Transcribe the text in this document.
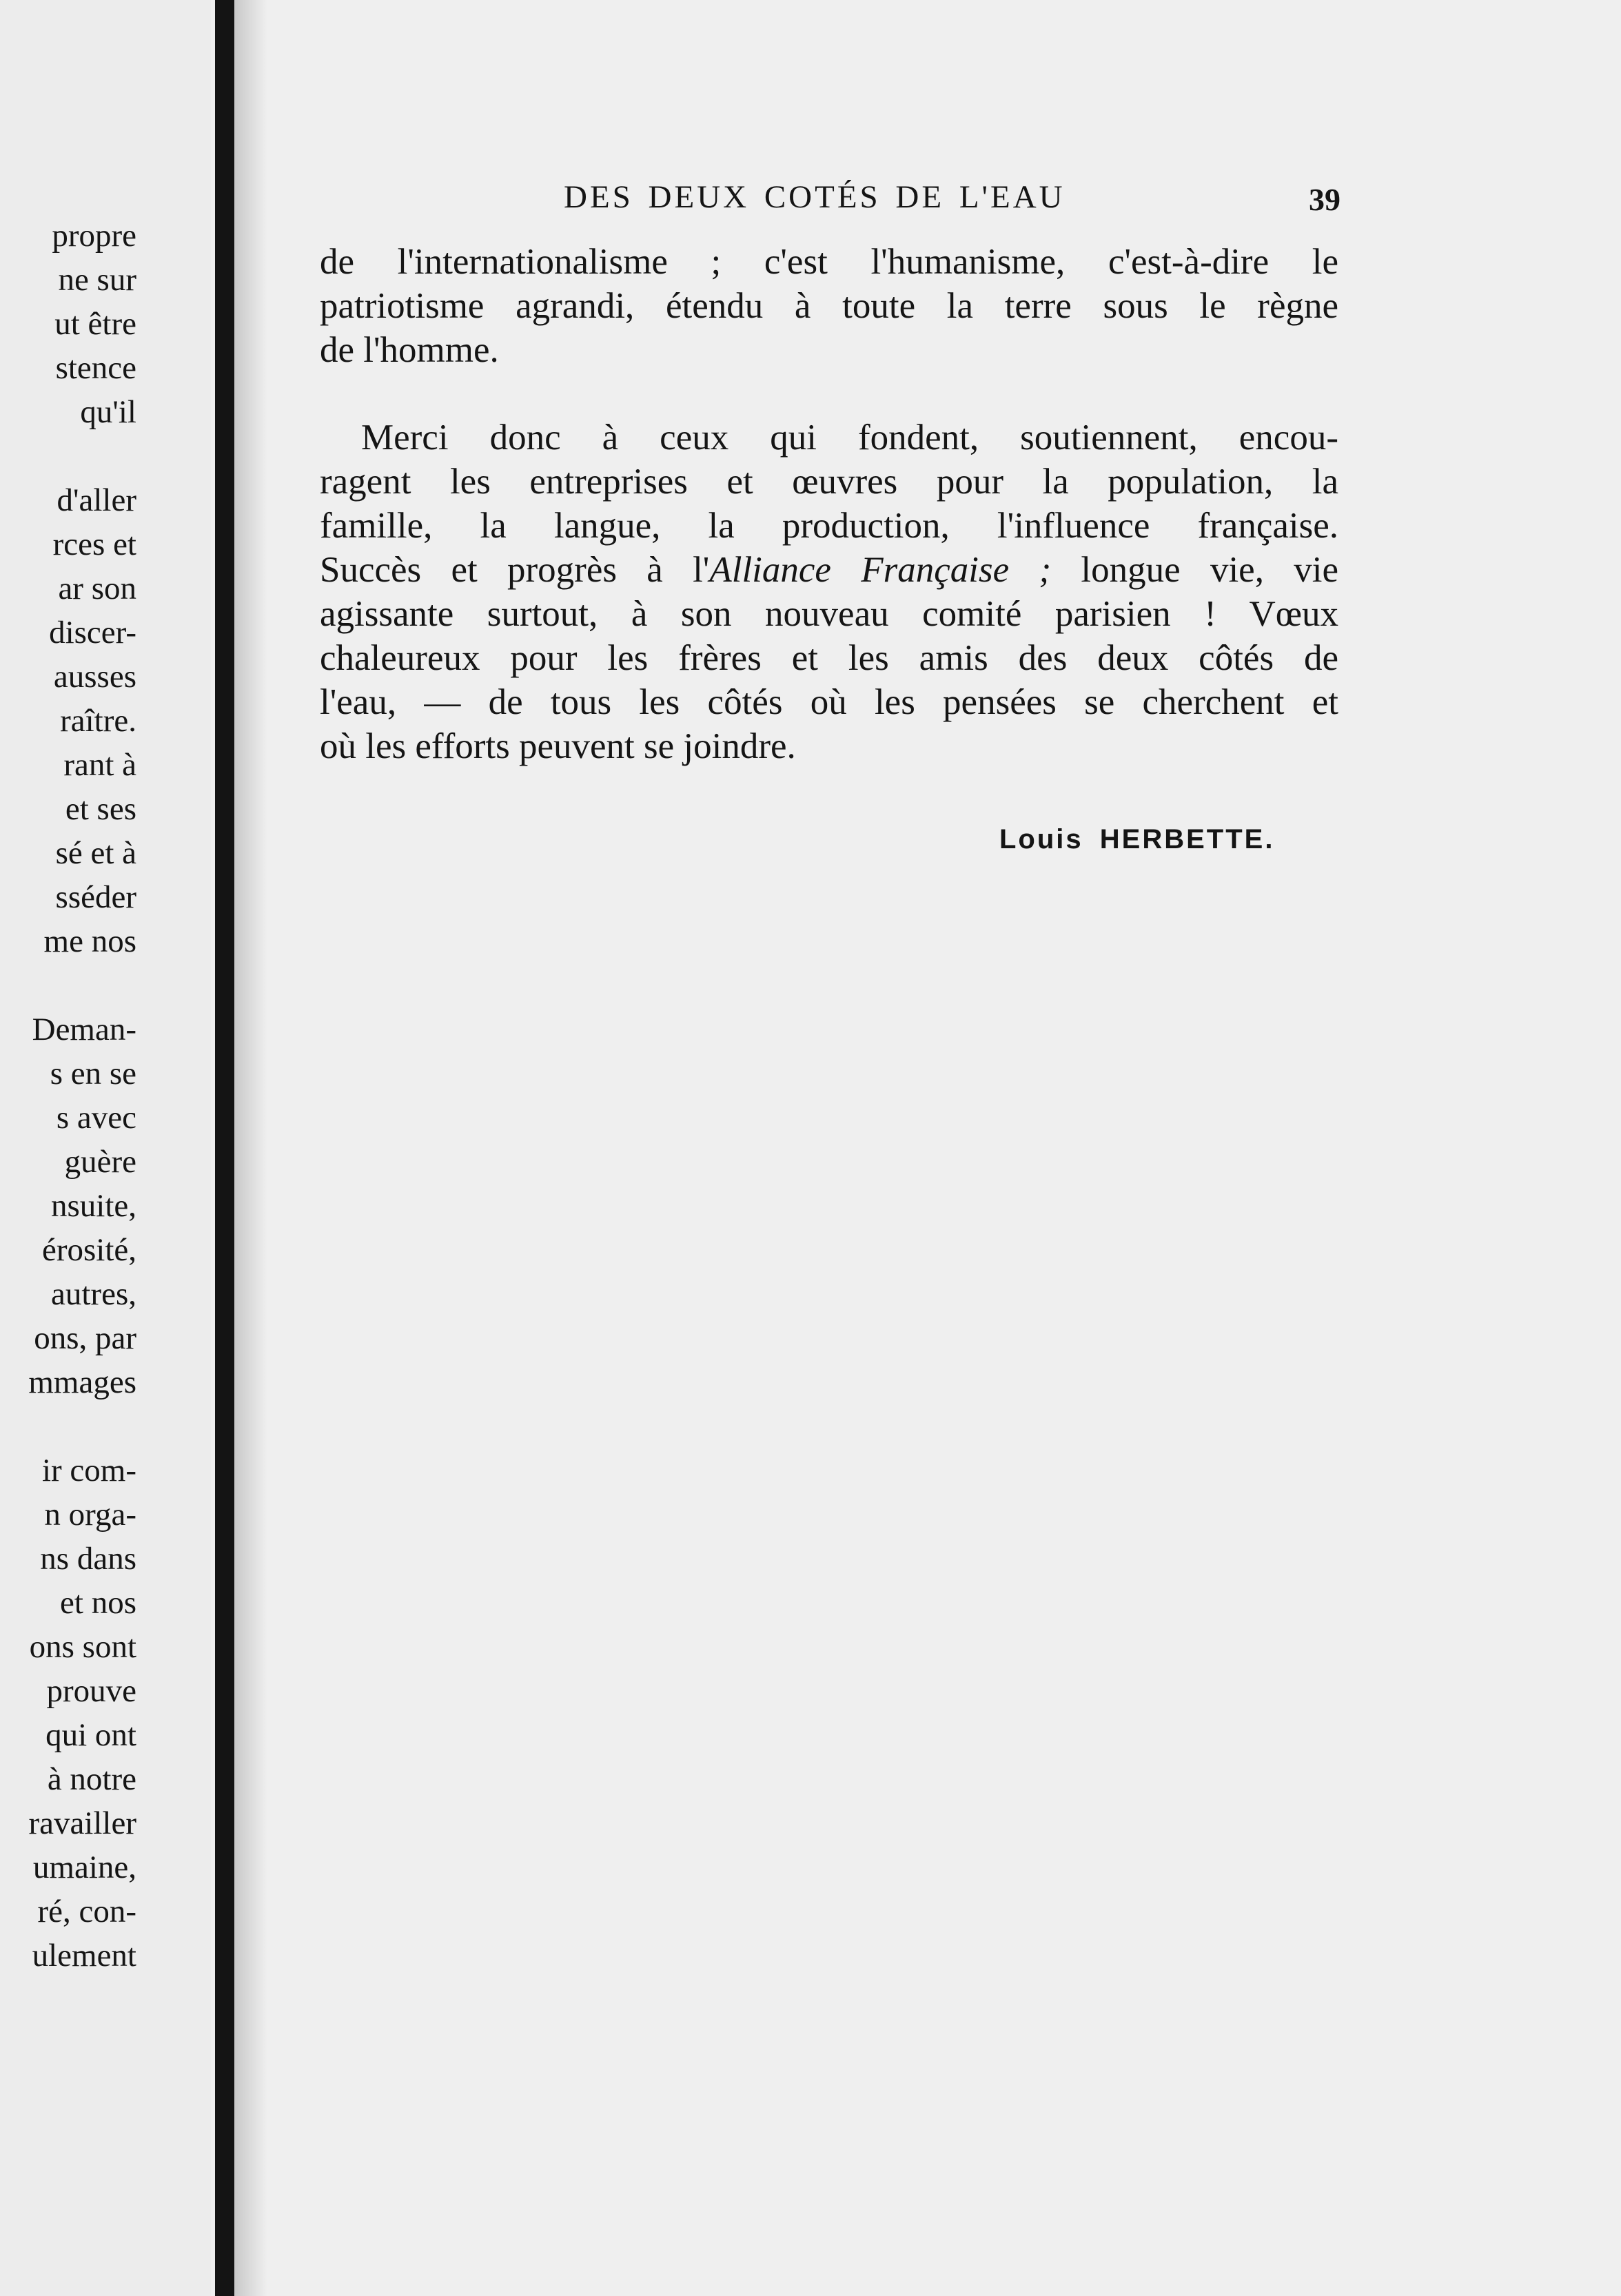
propre
ne sur
ut être
stence
qu'il
d'aller
rces et
ar son
discer-
ausses
raître.
rant à
et ses
sé et à
sséder
me nos
Deman-
s en se
s avec
guère
nsuite,
érosité,
autres,
ons, par
mmages
ir com-
n orga-
ns dans
et nos
ons sont
prouve
qui ont
à notre
ravailler
umaine,
ré, con-
ulement
DES DEUX COTÉS DE L'EAU	39
de l'internationalisme ; c'est l'humanisme, c'est-à-dire le
patriotisme agrandi, étendu à toute la terre sous le règne
de l'homme.
Merci donc à ceux qui fondent, soutiennent, encou-
ragent les entreprises et œuvres pour la population, la
famille, la langue, la production, l'influence française.
Succès et progrès à l'Alliance Française ; longue vie, vie
agissante surtout, à son nouveau comité parisien ! Vœux
chaleureux pour les frères et les amis des deux côtés de
l'eau, — de tous les côtés où les pensées se cherchent et
où les efforts peuvent se joindre.
Louis HERBETTE.
